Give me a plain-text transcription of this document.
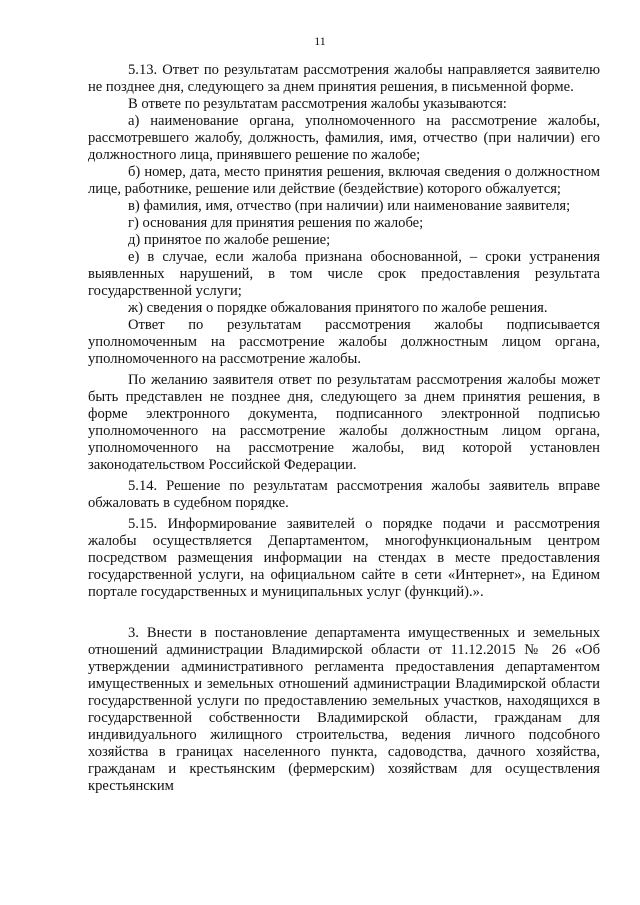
11

5.13. Ответ по результатам рассмотрения жалобы направляется заявителю не позднее дня, следующего за днем принятия решения, в письменной форме.

В ответе по результатам рассмотрения жалобы указываются:

а) наименование органа, уполномоченного на рассмотрение жалобы, рассмотревшего жалобу, должность, фамилия, имя, отчество (при наличии) его должностного лица, принявшего решение по жалобе;

б) номер, дата, место принятия решения, включая сведения о должностном лице, работнике, решение или действие (бездействие) которого обжалуется;

в) фамилия, имя, отчество (при наличии) или наименование заявителя;

г) основания для принятия решения по жалобе;

д) принятое по жалобе решение;

е) в случае, если жалоба признана обоснованной, – сроки устранения выявленных нарушений, в том числе срок предоставления результата государственной услуги;

ж) сведения о порядке обжалования принятого по жалобе решения.

Ответ по результатам рассмотрения жалобы подписывается уполномоченным на рассмотрение жалобы должностным лицом органа, уполномоченного на рассмотрение жалобы.

По желанию заявителя ответ по результатам рассмотрения жалобы может быть представлен не позднее дня, следующего за днем принятия решения, в форме электронного документа, подписанного электронной подписью уполномоченного на рассмотрение жалобы должностным лицом органа, уполномоченного на рассмотрение жалобы, вид которой установлен законодательством Российской Федерации.

5.14. Решение по результатам рассмотрения жалобы заявитель вправе обжаловать в судебном порядке.

5.15. Информирование заявителей о порядке подачи и рассмотрения жалобы осуществляется Департаментом, многофункциональным центром посредством размещения информации на стендах в месте предоставления государственной услуги, на официальном сайте в сети «Интернет», на Едином портале государственных и муниципальных услуг (функций).».

3. Внести в постановление департамента имущественных и земельных отношений администрации Владимирской области от 11.12.2015 № 26 «Об утверждении административного регламента предоставления департаментом имущественных и земельных отношений администрации Владимирской области государственной услуги по предоставлению земельных участков, находящихся в государственной собственности Владимирской области, гражданам для индивидуального жилищного строительства, ведения личного подсобного хозяйства в границах населенного пункта, садоводства, дачного хозяйства, гражданам и крестьянским (фермерским) хозяйствам для осуществления крестьянским
